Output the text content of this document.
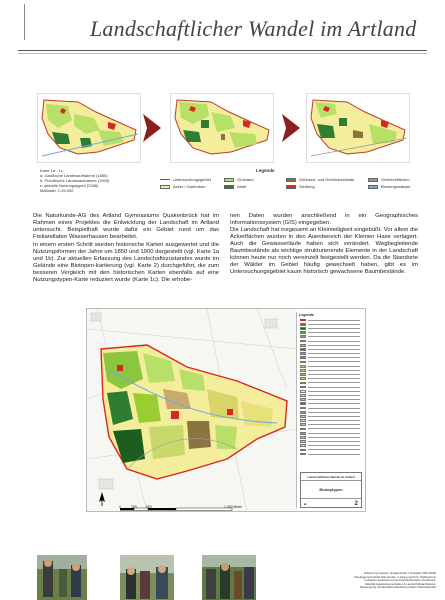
Landschaftlicher Wandel im Artland
Karte 1a - 1c
a: Gaußsche Landesaufnahme (1850)
b: Preußische Landesaufnahme (1900)
c: aktuelle Nutzungstypen (2006)
Maßstab: 1:15.000
Legende
Untersuchungsgebiet
Acker / Gartenbau
Grünland
Wald
Gebüsch- und Gehölzbestände
Siedlung
Verkehrsflächen
Binnengewässer

Die Naturkunde-AG des Artland Gymnasiums Quakenbrück hat im Rahmen eines Projektes die Entwicklung der Landschaft im Artland untersucht. Beispielhaft wurde dafür ein Gebiet rund um das Freilandlabor Wasserhausen bearbeitet.

In einem ersten Schritt wurden historische Karten ausgewertet und die Nutzungsformen der Jahre um 1850 und 1900 dargestellt (vgl. Karte 1a und 1b). Zur aktuellen Erfassung des Landschaftszustandes wurde im Gelände eine Biotopen-kartierung (vgl. Karte 2) durchgeführt, die zum besseren Vergleich mit den historischen Karten ebenfalls auf eine Nutzungstypen-Karte reduziert wurde (Karte 1c). Die erhobe-

nen Daten wurden anschließend in ein Geographisches Informationssystem (GIS) eingegeben.

Die Landschaft hat insgesamt an Kleinteiligkeit eingebüßt. Vor allem die Ackerflächen wurden in den Auenbereich der Kleinen Hase verlagert. Auch die Gewässerläufe haben sich verändert. Wegbegleitende Baumbestände als wichtige strukturierende Elemente in der Landschaft können heute nur noch vereinzelt festgestellt werden. Da die Standorte der Wälder im Gebiet häufig gewechselt haben, gibt es im Untersuchungsgebiet kaum historisch gewachsene Baumbestände.

Legende
Landschaftlicher Wandel im Artland
Biotoptypen
◆	2
0	250	500	1.000 Meter
Artland Gymnasium Quakenbrück / Schuljahr 2007/2008
Arbeitsgemeinschaft Naturkunde / Leitung durch R. Wellinghorst
In Zusammenarbeit mit der Fachhochschule Osnabrück,
Fakultät Agrarwissenschaften & Landschaftsarchitektur,
Studiengang Landschaftsentwicklung (Martin Winkelbrandt)
